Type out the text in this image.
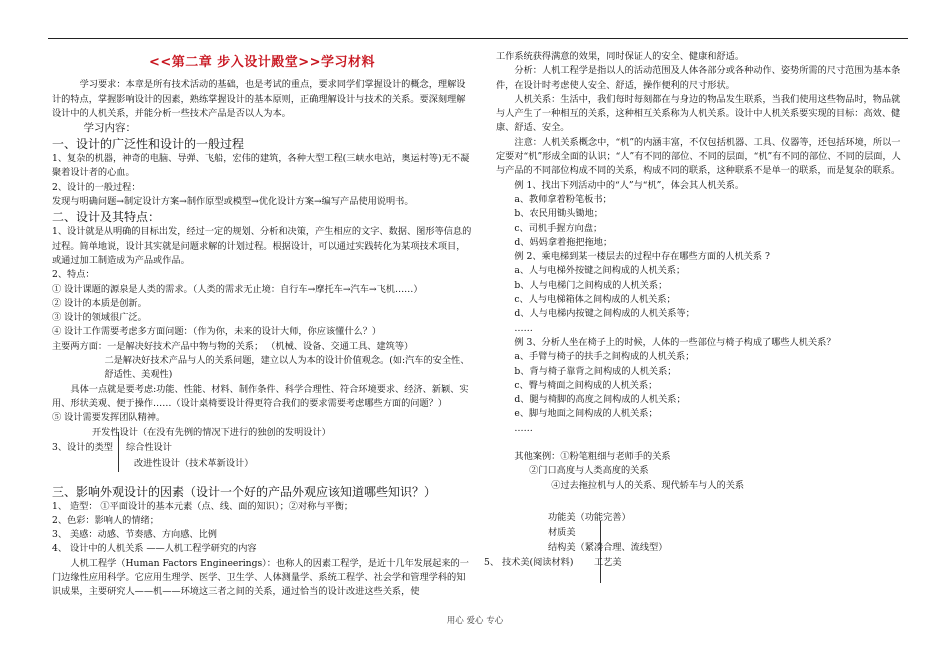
<<第二章 步入设计殿堂>>学习材料

学习要求：本章是所有技术活动的基础，也是考试的重点，要求同学们掌握设计的概念，理解设计的特点，掌握影响设计的因素，熟练掌握设计的基本原则，正确理解设计与技术的关系。要深刻理解设计中的人机关系，并能分析一些技术产品是否以人为本。

学习内容：

一、设计的广泛性和设计的一般过程

1、复杂的机器，神奇的电脑、导弹、飞船，宏伟的建筑，各种大型工程(三峡水电站，奥运村等)无不凝聚着设计者的心血。

2、设计的一般过程：

发现与明确问题→制定设计方案→制作原型或模型→优化设计方案→编写产品使用说明书。

二、设计及其特点：

1、设计就是从明确的目标出发，经过一定的规划、分析和决策，产生相应的文字、数据、图形等信息的过程。简单地说，设计其实就是问题求解的计划过程。根据设计，可以通过实践转化为某项技术项目，或通过加工制造成为产品或作品。

2、特点：

① 设计课题的源泉是人类的需求。（人类的需求无止境：自行车→摩托车→汽车→飞机……）

② 设计的本质是创新。

③ 设计的领域很广泛。

④ 设计工作需要考虑多方面问题：（作为你，未来的设计大师，你应该懂什么？）

主要两方面：一是解决好技术产品中物与物的关系； （机械、设备、交通工具、建筑等）

二是解决好技术产品与人的关系问题，建立以人为本的设计价值观念。(如:汽车的安全性、舒适性、美观性)

具体一点就是要考虑:功能、性能、材料、制作条件、科学合理性、符合环境要求、经济、新颖、实用、形状美观、便于操作……（设计桌椅要设计得更符合我们的要求需要考虑哪些方面的问题？）

⑤ 设计需要发挥团队精神。

开发性设计（在没有先例的情况下进行的独创的发明设计）
3、设计的类型 综合性设计
改进性设计（技术革新设计）

三、影响外观设计的因素（设计一个好的产品外观应该知道哪些知识？）

1、 造型： ①平面设计的基本元素（点、线、面的知识）；②对称与平衡；

2、色彩：影响人的情绪；

3、 美感：动感、节奏感、方向感、比例

4、 设计中的人机关系 ——人机工程学研究的内容

人机工程学（Human Factors Engineerings）：也称人的因素工程学，是近十几年发展起来的一门边缘性应用科学。它应用生理学、医学、卫生学、人体测量学、系统工程学、社会学和管理学科的知识成果，主要研究人——机——环境这三者之间的关系，通过恰当的设计改进这些关系，使

工作系统获得满意的效果，同时保证人的安全、健康和舒适。

分析：人机工程学是指以人的活动范围及人体各部分或各种动作、姿势所需的尺寸范围为基本条件，在设计时考虑使人安全、舒适，操作便利的尺寸形状。

人机关系：生活中，我们每时每刻都在与身边的物品发生联系，当我们使用这些物品时，物品就与人产生了一种相互的关系，这种相互关系称为人机关系。设计中人机关系要实现的目标：高效、健康、舒适、安全。

注意：人机关系概念中，“机”的内涵丰富，不仅包括机器、工具、仪器等，还包括环境，所以一定要对“机”形成全面的认识；“人”有不同的部位、不同的层面，“机”有不同的部位、不同的层面，人与产品的不同部位构成不同的关系，构成不同的联系，这种联系不是单一的联系，而是复杂的联系。

例 1、找出下列活动中的“人”与“机”，体会其人机关系。

a、教师拿着粉笔板书；

b、农民用锄头锄地；

c、司机手握方向盘；

d、妈妈拿着拖把拖地；

例 2、乘电梯到某一楼层去的过程中存在哪些方面的人机关系 ?

a、人与电梯外按键之间构成的人机关系；

b、人与电梯门之间构成的人机关系；

c、人与电梯箱体之间构成的人机关系；

d、人与电梯内按键之间构成的人机关系等；

……

例 3、分析人坐在椅子上的时候，人体的一些部位与椅子构成了哪些人机关系？

a、手臂与椅子的扶手之间构成的人机关系；

b、背与椅子靠背之间构成的人机关系；

c、臀与椅面之间构成的人机关系；

d、腿与椅脚的高度之间构成的人机关系；

e、脚与地面之间构成的人机关系；

……

其他案例：①粉笔粗细与老师手的关系

②门口高度与人类高度的关系

④过去拖拉机与人的关系、现代轿车与人的关系

功能美（功能完善）
材质美
结构美（紧凑合理、流线型）
5、 技术美(阅读材料) 工艺美
用心 爱心 专心
